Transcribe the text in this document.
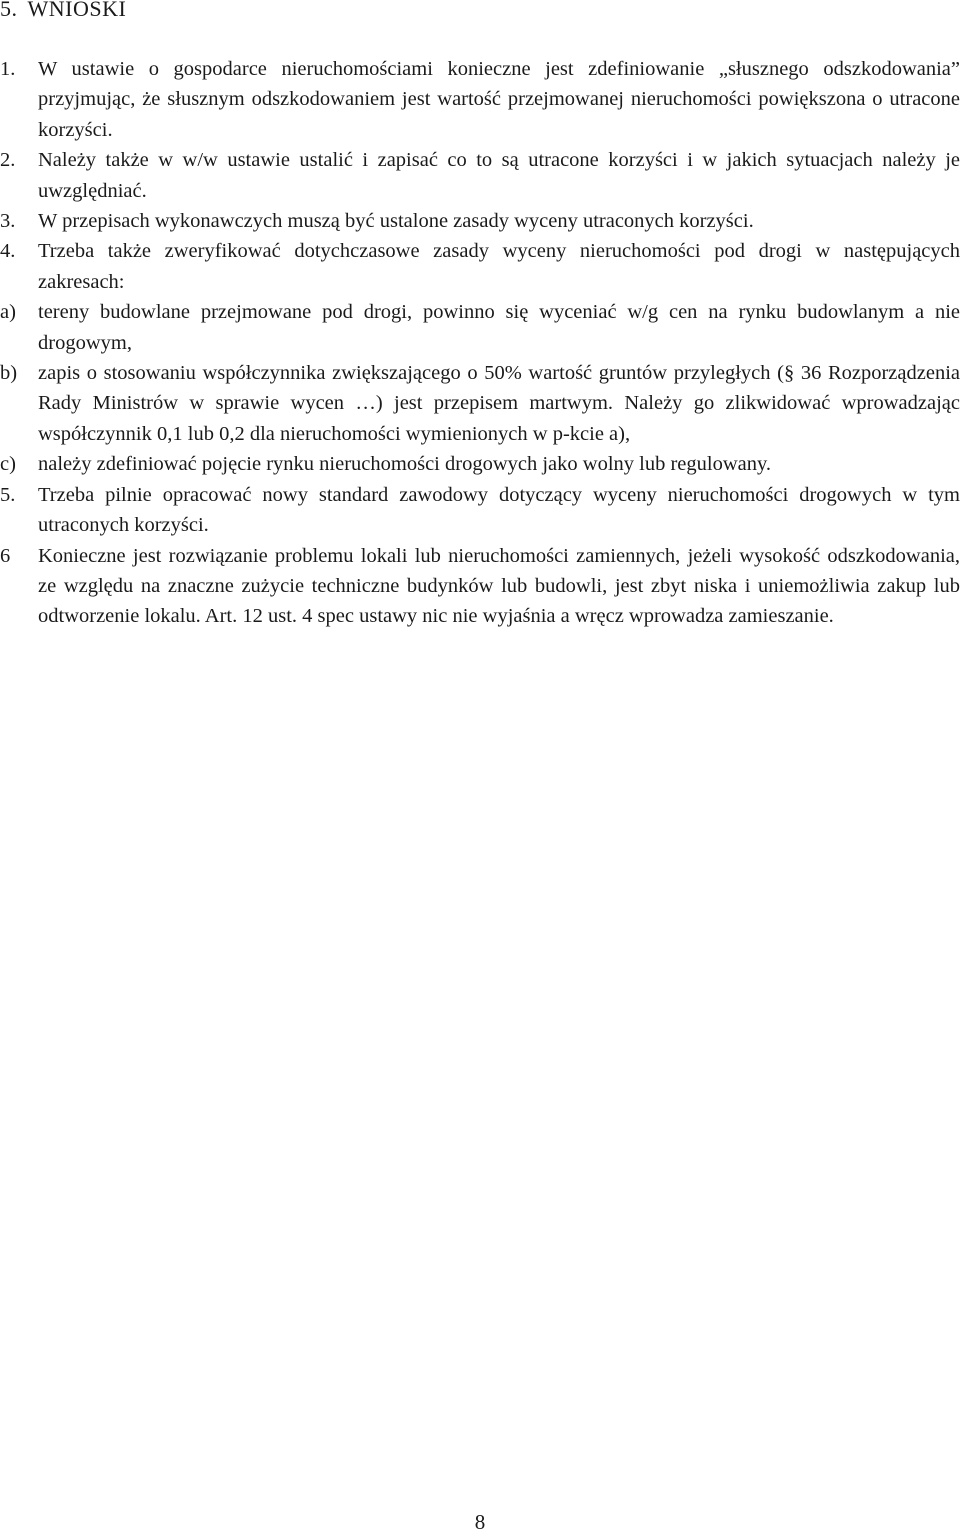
5. WNIOSKI

1. W ustawie o gospodarce nieruchomościami konieczne jest zdefiniowanie „słusznego odszkodowania” przyjmując, że słusznym odszkodowaniem jest wartość przejmowanej nieruchomości powiększona o utracone korzyści.

2. Należy także w w/w ustawie ustalić i zapisać co to są utracone korzyści i w jakich sytuacjach należy je uwzględniać.

3. W przepisach wykonawczych muszą być ustalone zasady wyceny utraconych korzyści.

4. Trzeba także zweryfikować dotychczasowe zasady wyceny nieruchomości pod drogi w następujących zakresach:

a) tereny budowlane przejmowane pod drogi, powinno się wyceniać w/g cen na rynku budowlanym a nie drogowym,

b) zapis o stosowaniu współczynnika zwiększającego o 50% wartość gruntów przyległych (§ 36 Rozporządzenia Rady Ministrów w sprawie wycen …) jest przepisem martwym. Należy go zlikwidować wprowadzając współczynnik 0,1 lub 0,2 dla nieruchomości wymienionych w p-kcie a),

c) należy zdefiniować pojęcie rynku nieruchomości drogowych jako wolny lub regulowany.

5. Trzeba pilnie opracować nowy standard zawodowy dotyczący wyceny nieruchomości drogowych w tym utraconych korzyści.

6 Konieczne jest rozwiązanie problemu lokali lub nieruchomości zamiennych, jeżeli wysokość odszkodowania, ze względu na znaczne zużycie techniczne budynków lub budowli, jest zbyt niska i uniemożliwia zakup lub odtworzenie lokalu. Art. 12 ust. 4 spec ustawy nic nie wyjaśnia a wręcz wprowadza zamieszanie.

8
